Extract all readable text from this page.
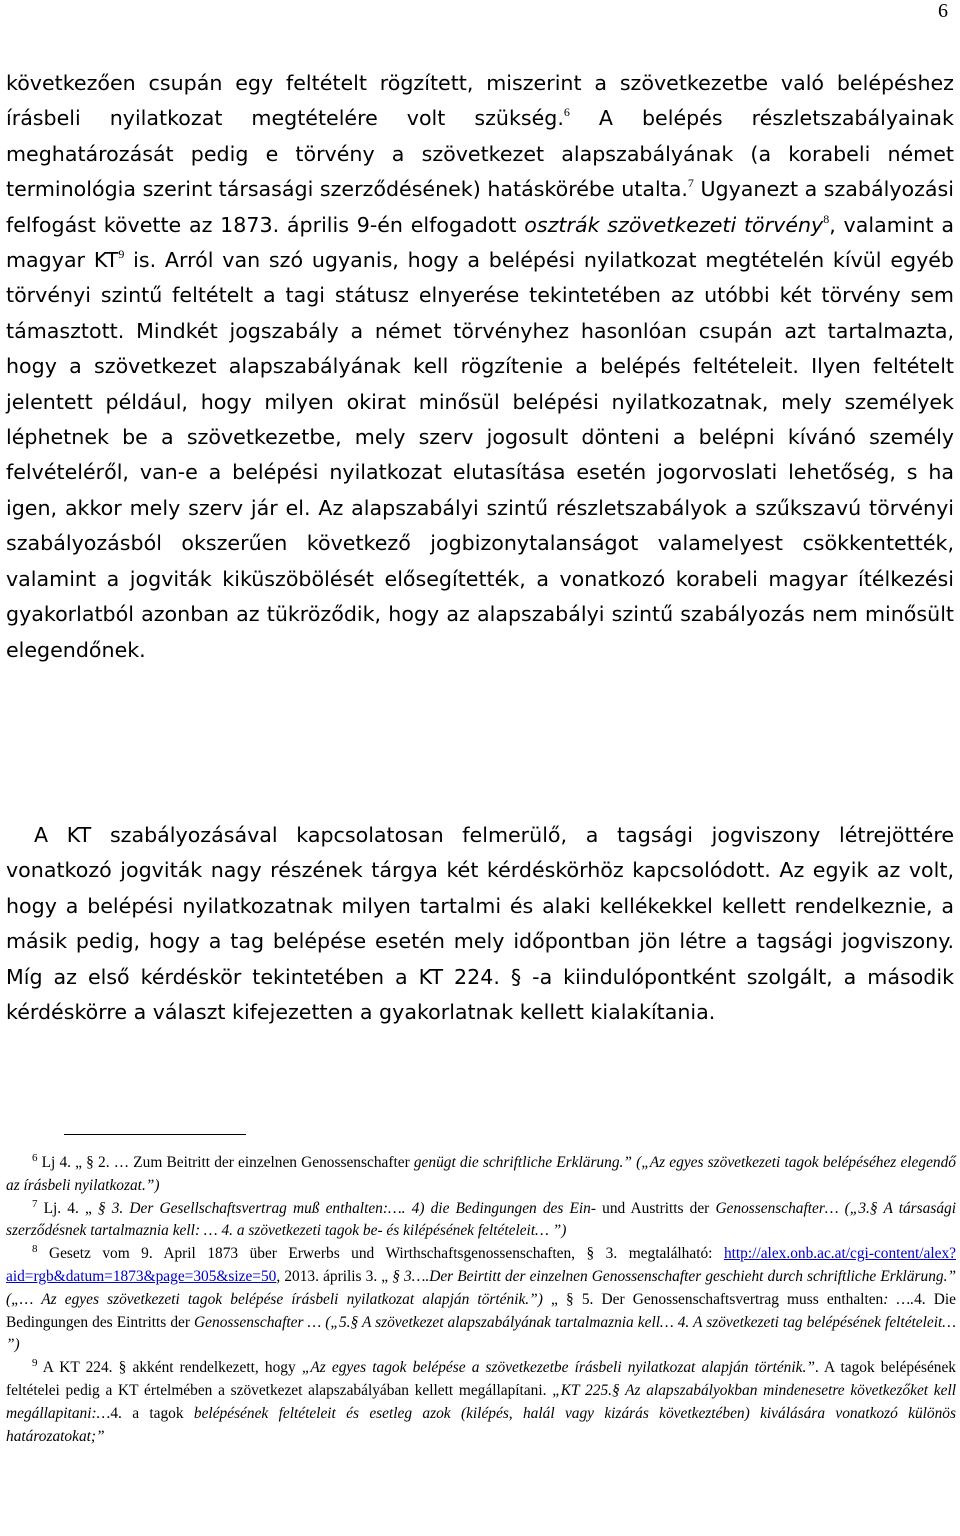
6

következően csupán egy feltételt rögzített, miszerint a szövetkezetbe való belépéshez írásbeli nyilatkozat megtételére volt szükség.$^6$ A belépés részletszabályainak meghatározását pedig e törvény a szövetkezet alapszabályának (a korabeli német terminológia szerint társasági szerződésének) hatáskörébe utalta.$^7$ Ugyanezt a szabályozási felfogást követte az 1873. április 9-én elfogadott osztrák szövetkezeti törvény$^8$, valamint a magyar $KT^9$ is. Arról van szó ugyanis, hogy a belépési nyilatkozat megtételén kívül egyéb törvényi szintű feltételt a tagi státusz elnyerése tekintetében az utóbbi két törvény sem támasztott. Mindkét jogszabály a német törvényhez hasonlóan csupán azt tartalmazta, hogy a szövetkezet alapszabályának kell rögzítenie a belépés feltételeit. Ilyen feltételt jelentett például, hogy milyen okirat minősül belépési nyilatkozatnak, mely személyek léphetnek be a szövetkezetbe, mely szerv jogosult dönteni a belépni kívánó személy felvételéről, van-e a belépési nyilatkozat elutasítása esetén jogorvoslati lehetőség, s ha igen, akkor mely szerv jár el. Az alapszabályi szintű részletszabályok a szűkszavú törvényi szabályozásból okszerűen következő jogbizonytalanságot valamelyest csökkentették, valamint a jogviták kiküszöbölését elősegítették, a vonatkozó korabeli magyar ítélkezési gyakorlatból azonban az tükröződik, hogy az alapszabályi szintű szabályozás nem minősült elegendőnek.

A KT szabályozásával kapcsolatosan felmerülő, a tagsági jogviszony létrejöttére vonatkozó jogviták nagy részének tárgya két kérdéskörhöz kapcsolódott. Az egyik az volt, hogy a belépési nyilatkozatnak milyen tartalmi és alaki kellékekkel kellett rendelkeznie, a másik pedig, hogy a tag belépése esetén mely időpontban jön létre a tagsági jogviszony. Míg az első kérdéskör tekintetében a KT 224. § -a kiindulópontként szolgált, a második kérdéskörre a választ kifejezetten a gyakorlatnak kellett kialakítania.

$^6$ Lj 4. „ § 2. … Zum Beitritt der einzelnen Genossenschafter genügt die schriftliche Erklärung.” („Az egyes szövetkezeti tagok belépéséhez elegendő az írásbeli nyilatkozat.”)

$^7$ Lj. 4. „ § 3. Der Gesellschaftsvertrag muß enthalten:…. 4) die Bedingungen des Ein- und Austritts der Genossenschafter… („3.§ A társasági szerződésnek tartalmaznia kell: … 4. a szövetkezeti tagok be- és kilépésének feltételeit… ”)

$^8$ Gesetz vom 9. April 1873 über Erwerbs und Wirthschaftsgenossenschaften, § 3. megtalálható: http://alex.onb.ac.at/cgi-content/alex?aid=rgb&datum=1873&page=305&size=50, 2013. április 3. „ § 3….Der Beirtitt der einzelnen Genossenschafter geschieht durch schriftliche Erklärung.” („… Az egyes szövetkezeti tagok belépése írásbeli nyilatkozat alapján történik.”) „ § 5. Der Genossenschaftsvertrag muss enthalten: ….4. Die Bedingungen des Eintritts der Genossenschafter … („5.§ A szövetkezet alapszabályának tartalmaznia kell… 4. A szövetkezeti tag belépésének feltételeit… ”)

$^9$ A KT 224. § akként rendelkezett, hogy „Az egyes tagok belépése a szövetkezetbe írásbeli nyilatkozat alapján történik.”. A tagok belépésének feltételei pedig a KT értelmében a szövetkezet alapszabályában kellett megállapítani. „KT 225.§ Az alapszabályokban mindenesetre következőket kell megállapitani:…4. a tagok belépésének feltételeit és esetleg azok (kilépés, halál vagy kizárás következtében) kiválására vonatkozó különös határozatokat;”
